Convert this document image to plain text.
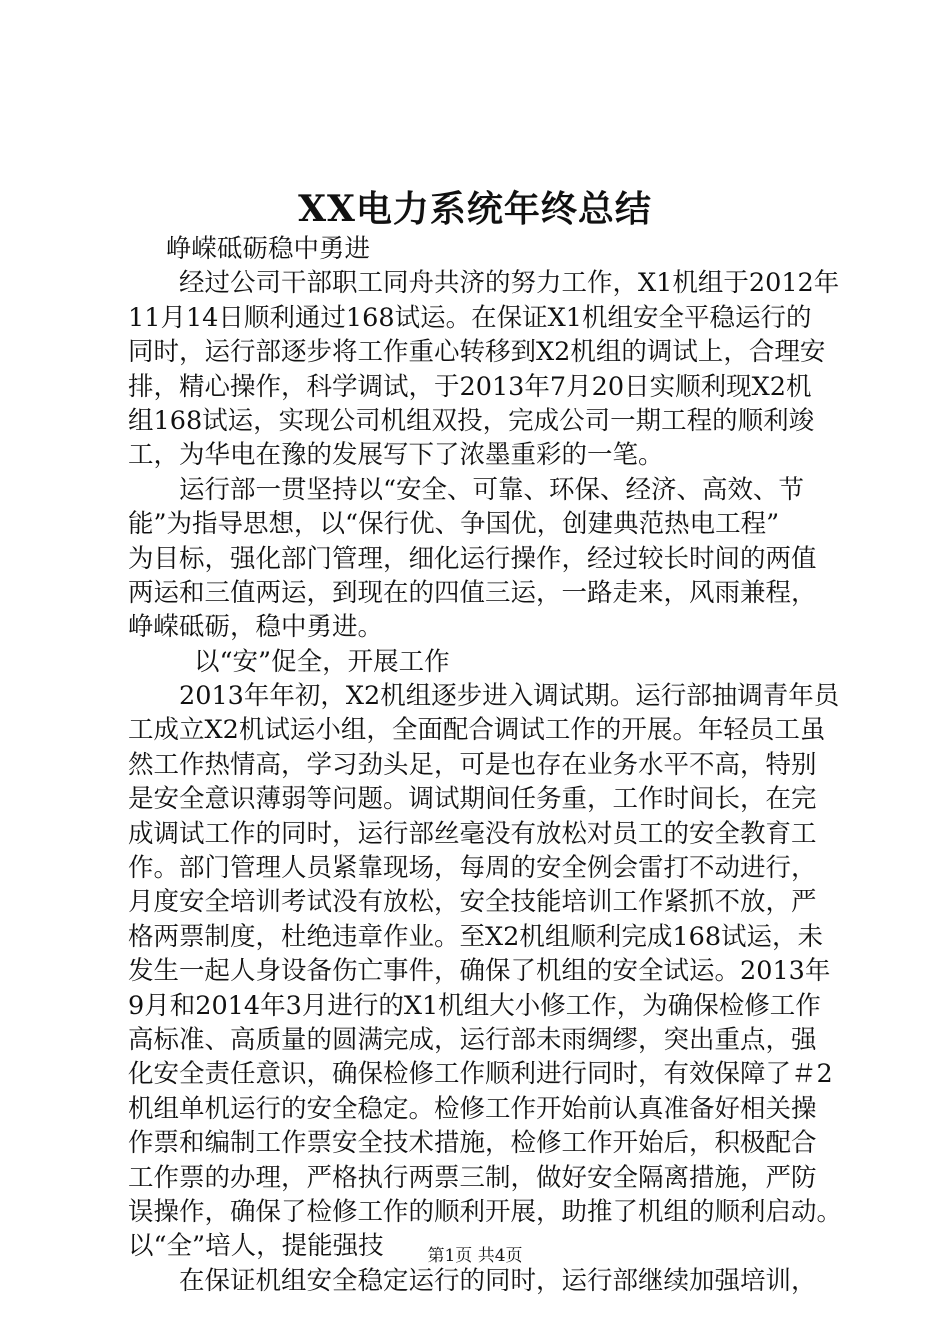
XX电力系统年终总结
峥嵘砥砺稳中勇进
经过公司干部职工同舟共济的努力工作，X1机组于2012年
11月14日顺利通过168试运。在保证X1机组安全平稳运行的
同时，运行部逐步将工作重心转移到X2机组的调试上，合理安
排，精心操作，科学调试，于2013年7月20日实顺利现X2机
组168试运，实现公司机组双投，完成公司一期工程的顺利竣
工，为华电在豫的发展写下了浓墨重彩的一笔。
运行部一贯坚持以“安全、可靠、环保、经济、高效、节
能”为指导思想，以“保行优、争国优，创建典范热电工程”
为目标，强化部门管理，细化运行操作，经过较长时间的两值
两运和三值两运，到现在的四值三运，一路走来，风雨兼程，
峥嵘砥砺，稳中勇进。
以“安”促全，开展工作
2013年年初，X2机组逐步进入调试期。运行部抽调青年员
工成立X2机试运小组，全面配合调试工作的开展。年轻员工虽
然工作热情高，学习劲头足，可是也存在业务水平不高，特别
是安全意识薄弱等问题。调试期间任务重，工作时间长，在完
成调试工作的同时，运行部丝毫没有放松对员工的安全教育工
作。部门管理人员紧靠现场，每周的安全例会雷打不动进行，
月度安全培训考试没有放松，安全技能培训工作紧抓不放，严
格两票制度，杜绝违章作业。至X2机组顺利完成168试运，未
发生一起人身设备伤亡事件，确保了机组的安全试运。2013年
9月和2014年3月进行的X1机组大小修工作，为确保检修工作
高标准、高质量的圆满完成，运行部未雨绸缪，突出重点，强
化安全责任意识，确保检修工作顺利进行同时，有效保障了＃2
机组单机运行的安全稳定。检修工作开始前认真准备好相关操
作票和编制工作票安全技术措施，检修工作开始后，积极配合
工作票的办理，严格执行两票三制，做好安全隔离措施，严防
误操作，确保了检修工作的顺利开展，助推了机组的顺利启动。
以“全”培人，提能强技
在保证机组安全稳定运行的同时，运行部继续加强培训，
第1页 共4页
